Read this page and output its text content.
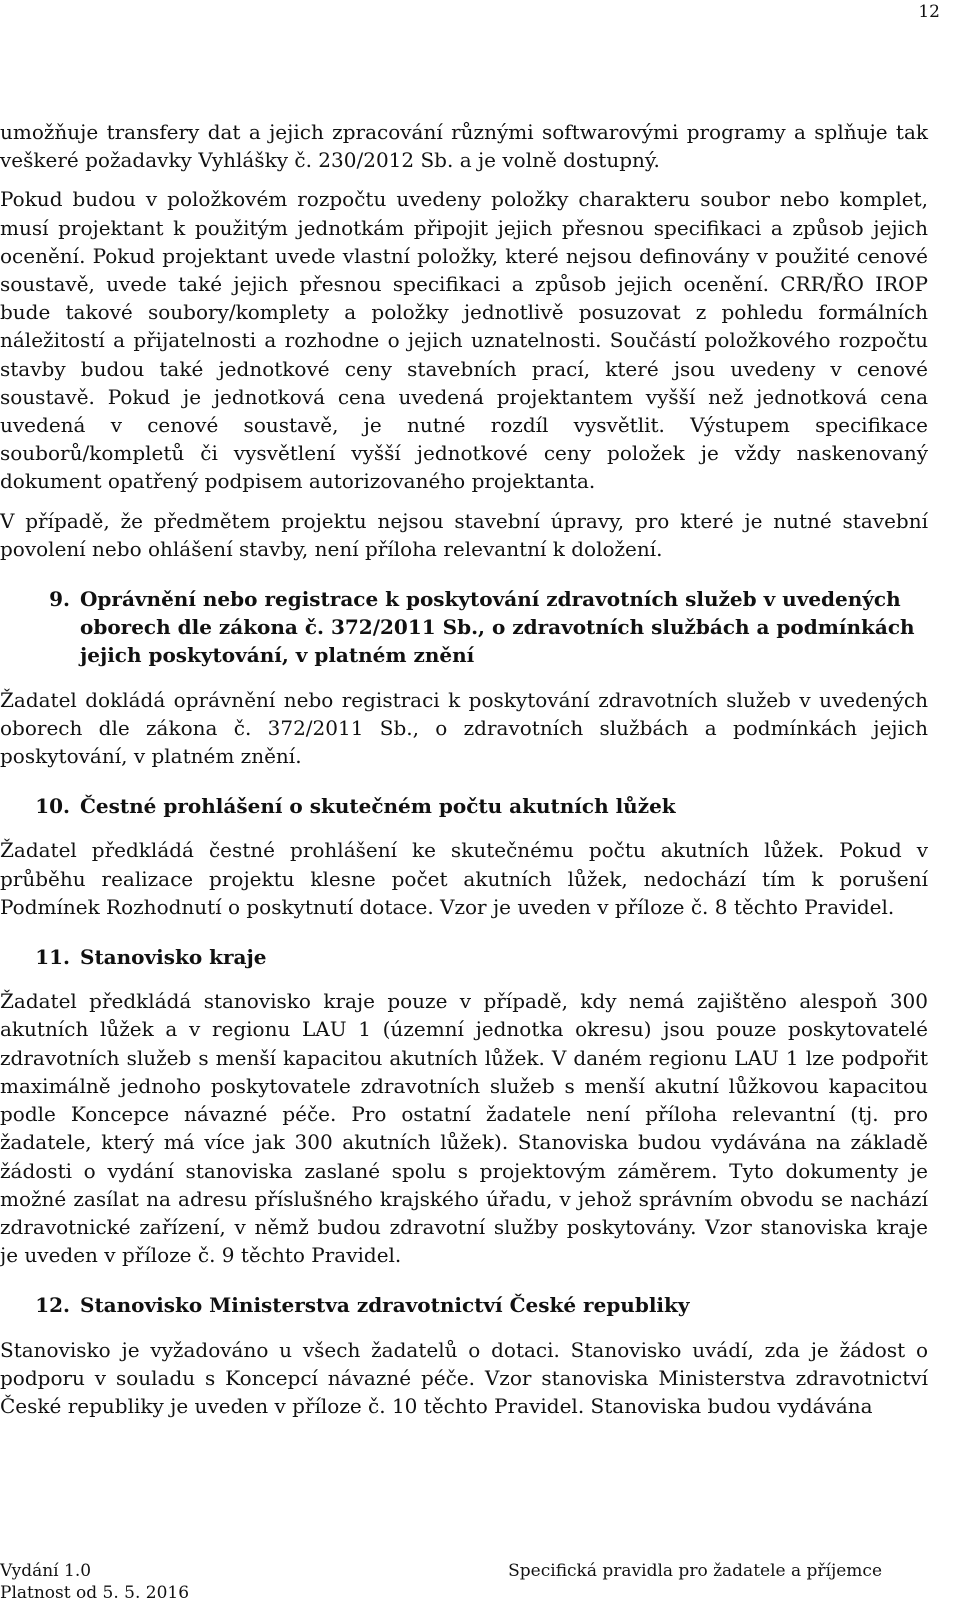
12

umožňuje transfery dat a jejich zpracování různými softwarovými programy a splňuje tak veškeré požadavky Vyhlášky č. 230/2012 Sb. a je volně dostupný.

Pokud budou v položkovém rozpočtu uvedeny položky charakteru soubor nebo komplet, musí projektant k použitým jednotkám připojit jejich přesnou specifikaci a způsob jejich ocenění. Pokud projektant uvede vlastní položky, které nejsou definovány v použité cenové soustavě, uvede také jejich přesnou specifikaci a způsob jejich ocenění. CRR/ŘO IROP bude takové soubory/komplety a položky jednotlivě posuzovat z pohledu formálních náležitostí a přijatelnosti a rozhodne o jejich uznatelnosti. Součástí položkového rozpočtu stavby budou také jednotkové ceny stavebních prací, které jsou uvedeny v cenové soustavě. Pokud je jednotková cena uvedená projektantem vyšší než jednotková cena uvedená v cenové soustavě, je nutné rozdíl vysvětlit. Výstupem specifikace souborů/kompletů či vysvětlení vyšší jednotkové ceny položek je vždy naskenovaný dokument opatřený podpisem autorizovaného projektanta.

V případě, že předmětem projektu nejsou stavební úpravy, pro které je nutné stavební povolení nebo ohlášení stavby, není příloha relevantní k doložení.

9. Oprávnění nebo registrace k poskytování zdravotních služeb v uvedených oborech dle zákona č. 372/2011 Sb., o zdravotních službách a podmínkách jejich poskytování, v platném znění

Žadatel dokládá oprávnění nebo registraci k poskytování zdravotních služeb v uvedených oborech dle zákona č. 372/2011 Sb., o zdravotních službách a podmínkách jejich poskytování, v platném znění.

10. Čestné prohlášení o skutečném počtu akutních lůžek

Žadatel předkládá čestné prohlášení ke skutečnému počtu akutních lůžek. Pokud v průběhu realizace projektu klesne počet akutních lůžek, nedochází tím k porušení Podmínek Rozhodnutí o poskytnutí dotace. Vzor je uveden v příloze č. 8 těchto Pravidel.

11. Stanovisko kraje

Žadatel předkládá stanovisko kraje pouze v případě, kdy nemá zajištěno alespoň 300 akutních lůžek a v regionu LAU 1 (územní jednotka okresu) jsou pouze poskytovatelé zdravotních služeb s menší kapacitou akutních lůžek. V daném regionu LAU 1 lze podpořit maximálně jednoho poskytovatele zdravotních služeb s menší akutní lůžkovou kapacitou podle Koncepce návazné péče. Pro ostatní žadatele není příloha relevantní (tj. pro žadatele, který má více jak 300 akutních lůžek). Stanoviska budou vydávána na základě žádosti o vydání stanoviska zaslané spolu s projektovým záměrem. Tyto dokumenty je možné zasílat na adresu příslušného krajského úřadu, v jehož správním obvodu se nachází zdravotnické zařízení, v němž budou zdravotní služby poskytovány. Vzor stanoviska kraje je uveden v příloze č. 9 těchto Pravidel.

12. Stanovisko Ministerstva zdravotnictví České republiky

Stanovisko je vyžadováno u všech žadatelů o dotaci. Stanovisko uvádí, zda je žádost o podporu v souladu s Koncepcí návazné péče. Vzor stanoviska Ministerstva zdravotnictví České republiky je uveden v příloze č. 10 těchto Pravidel. Stanoviska budou vydávána

Vydání 1.0
Platnost od 5. 5. 2016
Specifická pravidla pro žadatele a příjemce
